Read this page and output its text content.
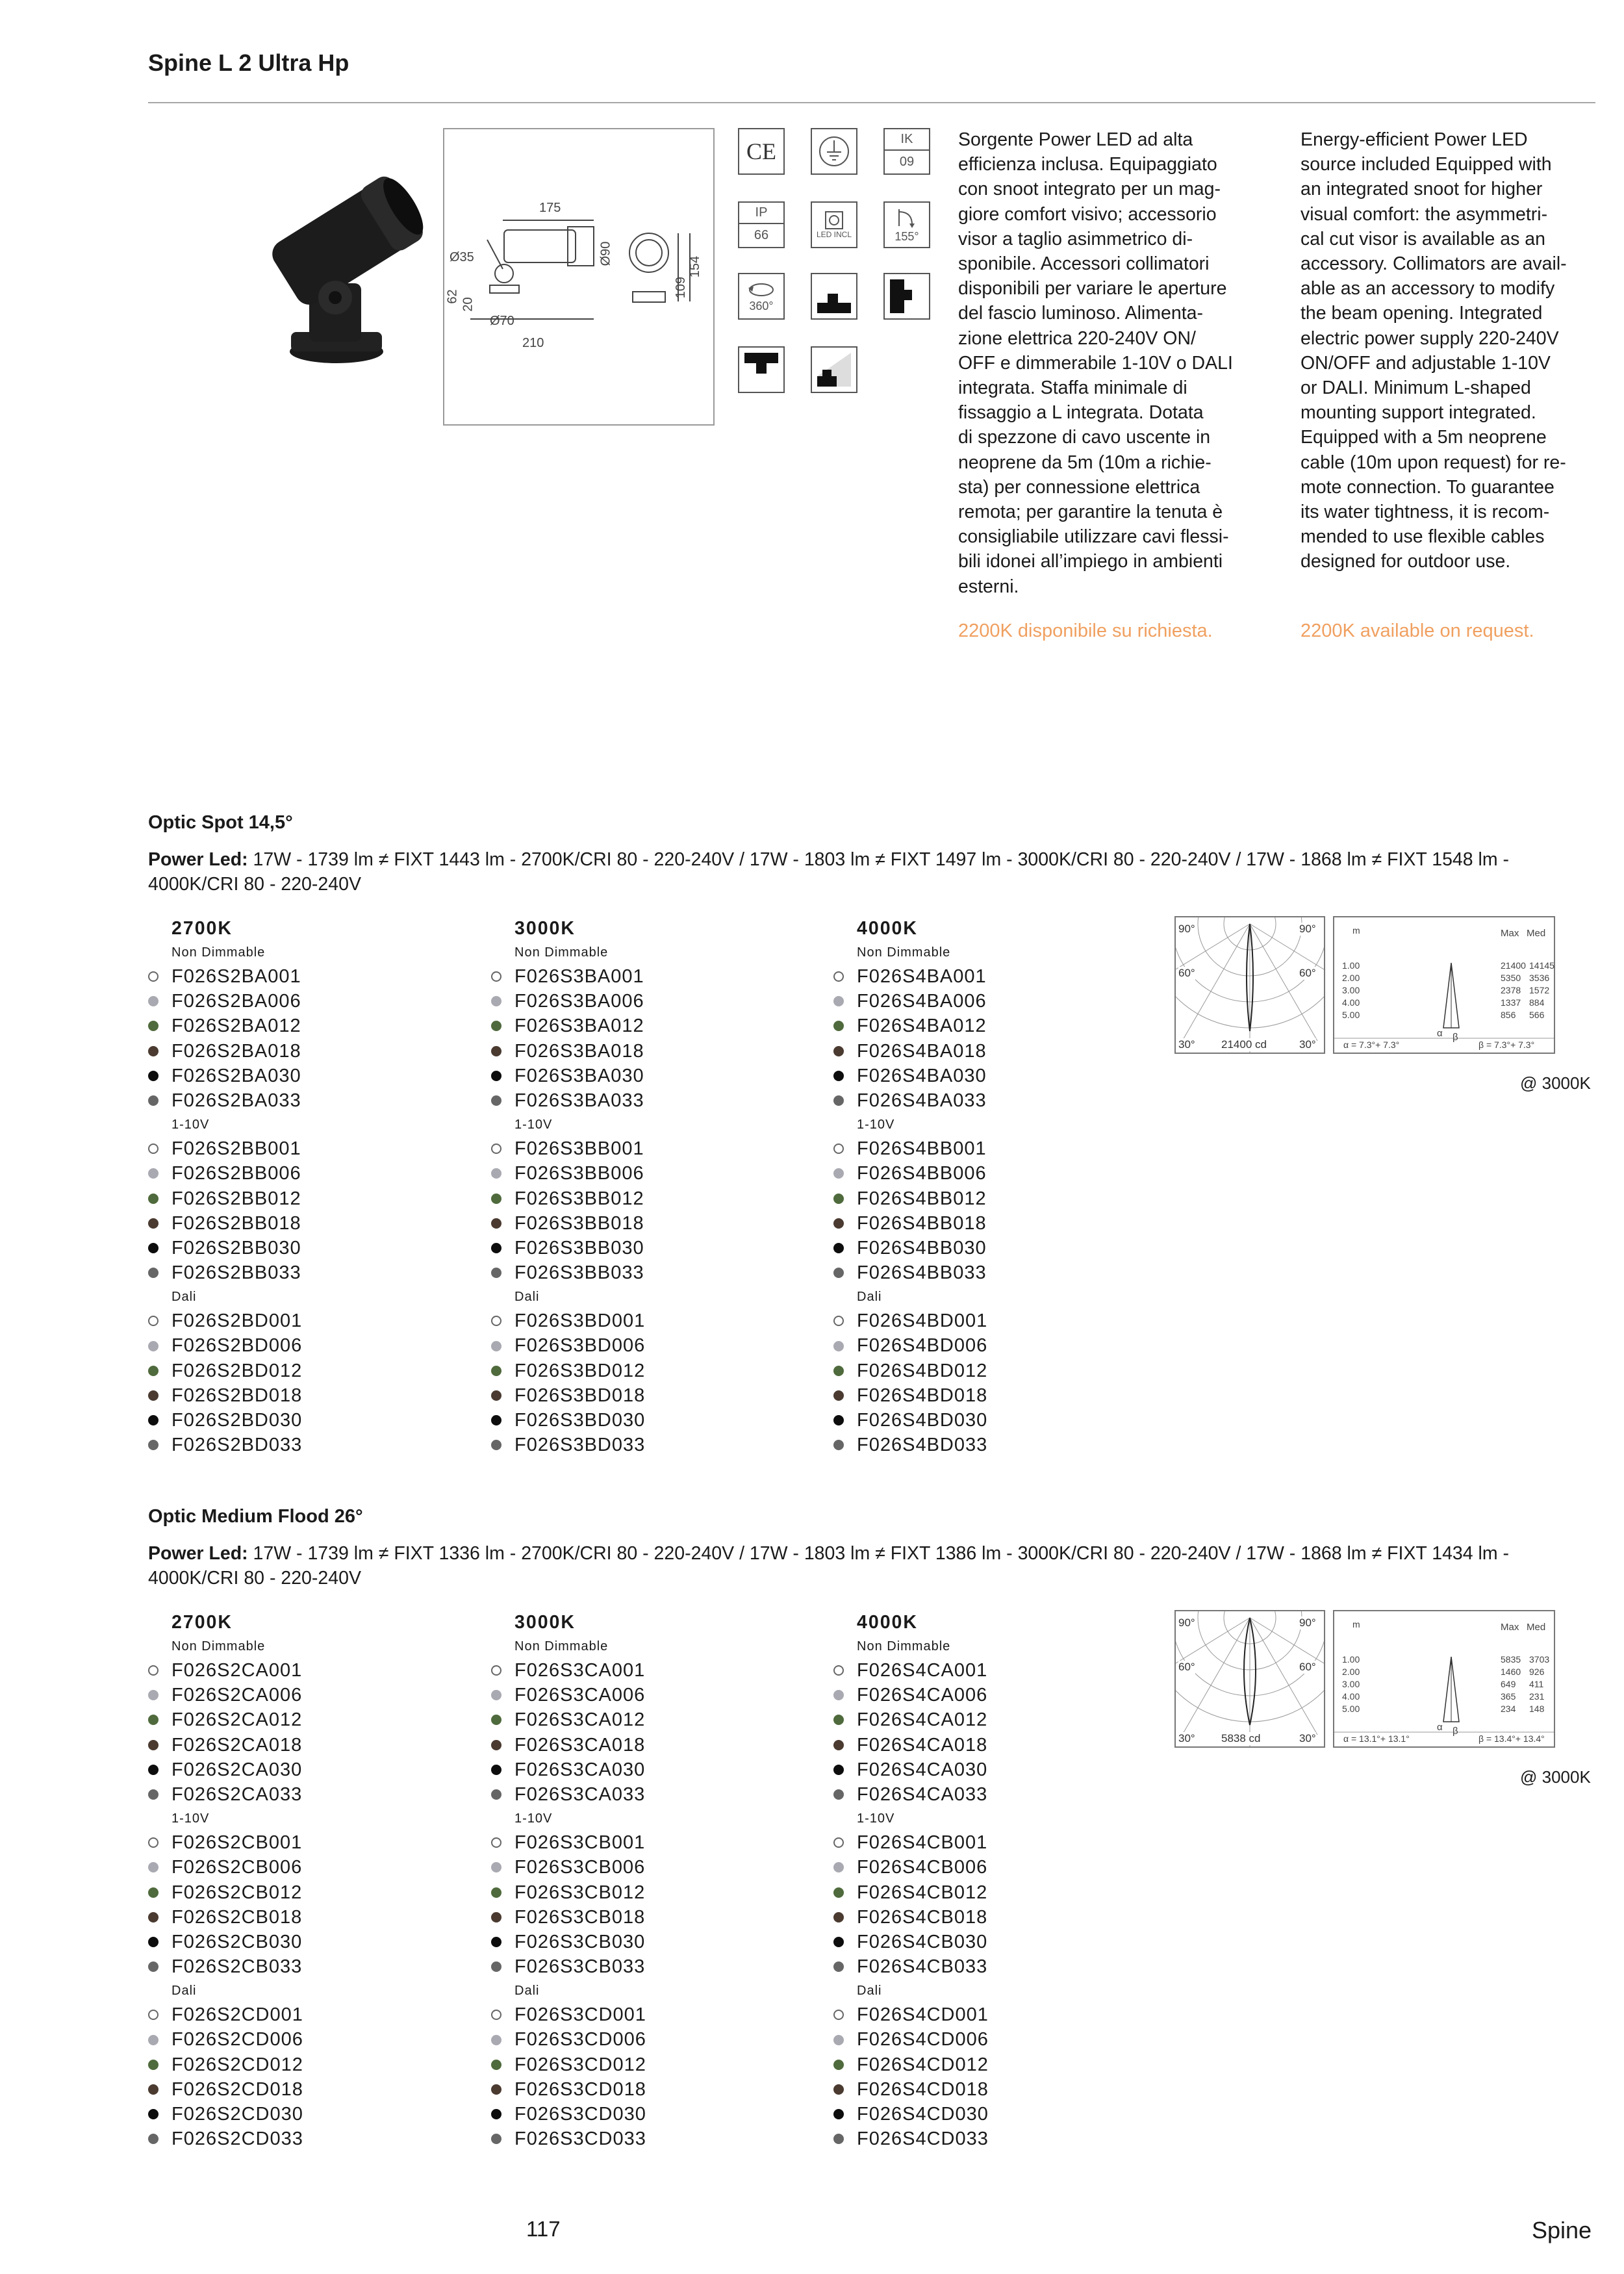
Spine L 2 Ultra Hp
175
Ø35	Ø90
62
20
Ø70
210
109
154
CE	IK
09
IP
66	LED INCL	155°
360°
Sorgente Power LED ad alta
efficienza inclusa. Equipaggiato
con snoot integrato per un mag-
giore comfort visivo; accessorio
visor a taglio asimmetrico di-
sponibile. Accessori collimatori
disponibili per variare le aperture
del fascio luminoso. Alimenta-
zione elettrica 220-240V ON/
OFF e dimmerabile 1-10V o DALI
integrata. Staffa minimale di
fissaggio a L integrata. Dotata
di spezzone di cavo uscente in
neoprene da 5m (10m a richie-
sta) per connessione elettrica
remota; per garantire la tenuta è
consigliabile utilizzare cavi flessi-
bili idonei all’impiego in ambienti
esterni.
Energy-efficient Power LED
source included Equipped with
an integrated snoot for higher
visual comfort: the asymmetri-
cal cut visor is available as an
accessory. Collimators are avail-
able as an accessory to modify
the beam opening. Integrated
electric power supply 220-240V
ON/OFF and adjustable 1-10V
or DALI. Minimum L-shaped
mounting support integrated.
Equipped with a 5m neoprene
cable (10m upon request) for re-
mote connection. To guarantee
its water tightness, it is recom-
mended to use flexible cables
designed for outdoor use.
2200K disponibile su richiesta.	2200K available on request.
Optic Spot 14,5°
Power Led: 17W - 1739 lm ≠ FIXT 1443 lm - 2700K/CRI 80 - 220-240V / 17W - 1803 lm ≠ FIXT 1497 lm - 3000K/CRI 80 - 220-240V / 17W - 1868 lm ≠ FIXT 1548 lm - 4000K/CRI 80 - 220-240V
2700K
Non Dimmable
F026S2BA001
F026S2BA006
F026S2BA012
F026S2BA018
F026S2BA030
F026S2BA033
1-10V
F026S2BB001
F026S2BB006
F026S2BB012
F026S2BB018
F026S2BB030
F026S2BB033
Dali
F026S2BD001
F026S2BD006
F026S2BD012
F026S2BD018
F026S2BD030
F026S2BD033
3000K
Non Dimmable
F026S3BA001
F026S3BA006
F026S3BA012
F026S3BA018
F026S3BA030
F026S3BA033
1-10V
F026S3BB001
F026S3BB006
F026S3BB012
F026S3BB018
F026S3BB030
F026S3BB033
Dali
F026S3BD001
F026S3BD006
F026S3BD012
F026S3BD018
F026S3BD030
F026S3BD033
4000K
Non Dimmable
F026S4BA001
F026S4BA006
F026S4BA012
F026S4BA018
F026S4BA030
F026S4BA033
1-10V
F026S4BB001
F026S4BB006
F026S4BB012
F026S4BB018
F026S4BB030
F026S4BB033
Dali
F026S4BD001
F026S4BD006
F026S4BD012
F026S4BD018
F026S4BD030
F026S4BD033
90°	90°
60°	60°
30°	30°
21400 cd
m	Max Med
1.00	21400 14145
2.00	5350 3536
3.00	2378 1572
4.00	1337 884
5.00	856 566
α β
α = 7.3°+ 7.3°	β = 7.3°+ 7.3°
@ 3000K
Optic Medium Flood 26°
Power Led: 17W - 1739 lm ≠ FIXT 1336 lm - 2700K/CRI 80 - 220-240V / 17W - 1803 lm ≠ FIXT 1386 lm - 3000K/CRI 80 - 220-240V / 17W - 1868 lm ≠ FIXT 1434 lm - 4000K/CRI 80 - 220-240V
2700K
Non Dimmable
F026S2CA001
F026S2CA006
F026S2CA012
F026S2CA018
F026S2CA030
F026S2CA033
1-10V
F026S2CB001
F026S2CB006
F026S2CB012
F026S2CB018
F026S2CB030
F026S2CB033
Dali
F026S2CD001
F026S2CD006
F026S2CD012
F026S2CD018
F026S2CD030
F026S2CD033
3000K
Non Dimmable
F026S3CA001
F026S3CA006
F026S3CA012
F026S3CA018
F026S3CA030
F026S3CA033
1-10V
F026S3CB001
F026S3CB006
F026S3CB012
F026S3CB018
F026S3CB030
F026S3CB033
Dali
F026S3CD001
F026S3CD006
F026S3CD012
F026S3CD018
F026S3CD030
F026S3CD033
4000K
Non Dimmable
F026S4CA001
F026S4CA006
F026S4CA012
F026S4CA018
F026S4CA030
F026S4CA033
1-10V
F026S4CB001
F026S4CB006
F026S4CB012
F026S4CB018
F026S4CB030
F026S4CB033
Dali
F026S4CD001
F026S4CD006
F026S4CD012
F026S4CD018
F026S4CD030
F026S4CD033
90°	90°
60°	60°
30°	30°
5838 cd
m	Max Med
1.00	5835 3703
2.00	1460 926
3.00	649 411
4.00	365 231
5.00	234 148
α β
α = 13.1°+ 13.1°	β = 13.4°+ 13.4°
@ 3000K
117	Spine
